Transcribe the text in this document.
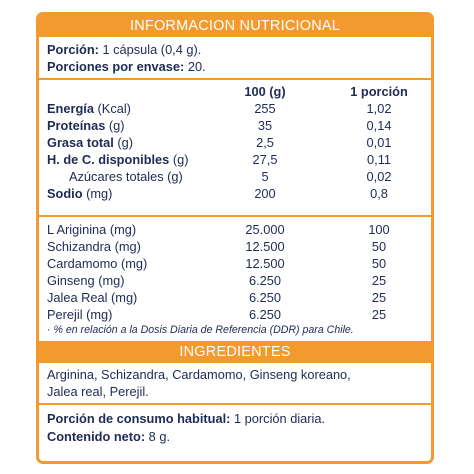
INFORMACION NUTRICIONAL
Porción: 1 cápsula (0,4 g).
Porciones por envase: 20.
100 (g)	1 porción
Energía (Kcal)	255	1,02
Proteínas (g)	35	0,14
Grasa total (g)	2,5	0,01
H. de C. disponibles (g)	27,5	0,11
Azúcares totales (g)	5	0,02
Sodio (mg)	200	0,8
L Ariginina (mg)	25.000	100
Schizandra (mg)	12.500	50
Cardamomo (mg)	12.500	50
Ginseng (mg)	6.250	25
Jalea Real (mg)	6.250	25
Perejil (mg)	6.250	25
· % en relación a la Dosis Diaria de Referencia (DDR) para Chile.
INGREDIENTES
Arginina, Schizandra, Cardamomo, Ginseng koreano,
Jalea real, Perejil.
Porción de consumo habitual: 1 porción diaria.
Contenido neto: 8 g.
